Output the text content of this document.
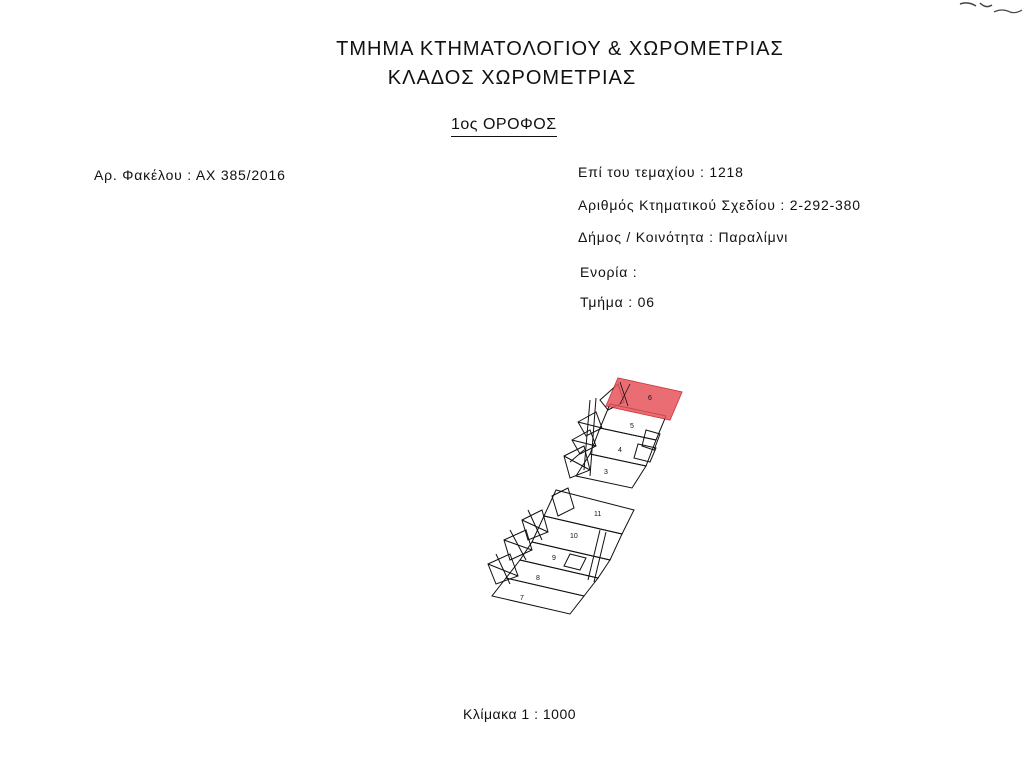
ΤΜΗΜΑ ΚΤΗΜΑΤΟΛΟΓΙΟΥ & ΧΩΡΟΜΕΤΡΙΑΣ
ΚΛΑΔΟΣ ΧΩΡΟΜΕΤΡΙΑΣ
1ος ΟΡΟΦΟΣ
Αρ. Φακέλου : ΑΧ 385/2016	Επί του τεμαχίου : 1218
Αριθμός Κτηματικού Σχεδίου : 2-292-380
Δήμος / Κοινότητα : Παραλίμνι
Ενορία :
Τμήμα : 06
6
5
4
3
11
10
9
8
7
Κλίμακα 1 : 1000
